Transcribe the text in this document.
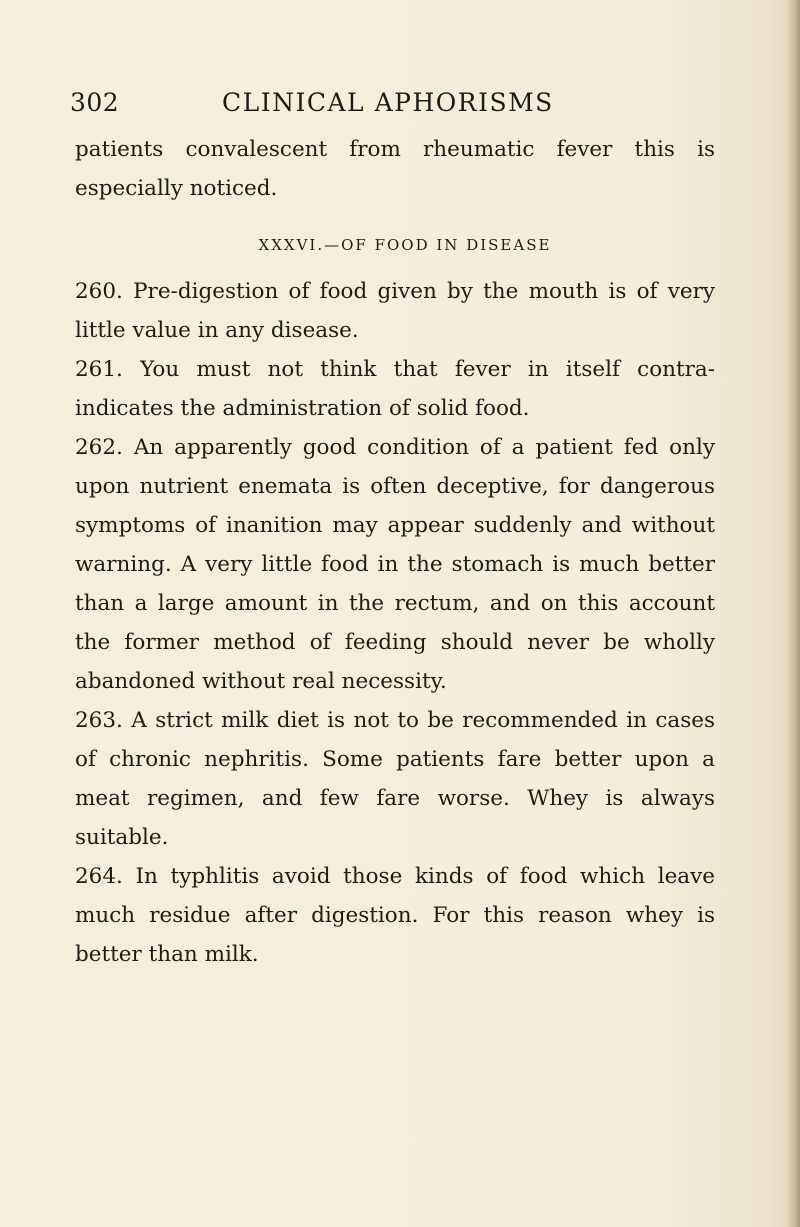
302	CLINICAL APHORISMS

patients convalescent from rheumatic fever this is especially noticed.

XXXVI.—OF FOOD IN DISEASE

260. Pre-digestion of food given by the mouth is of very little value in any disease.

261. You must not think that fever in itself contra-indicates the administration of solid food.

262. An apparently good condition of a patient fed only upon nutrient enemata is often deceptive, for dangerous symptoms of inanition may appear suddenly and without warning. A very little food in the stomach is much better than a large amount in the rectum, and on this account the former method of feeding should never be wholly abandoned without real necessity.

263. A strict milk diet is not to be recommended in cases of chronic nephritis. Some patients fare better upon a meat regimen, and few fare worse. Whey is always suitable.

264. In typhlitis avoid those kinds of food which leave much residue after digestion. For this reason whey is better than milk.
